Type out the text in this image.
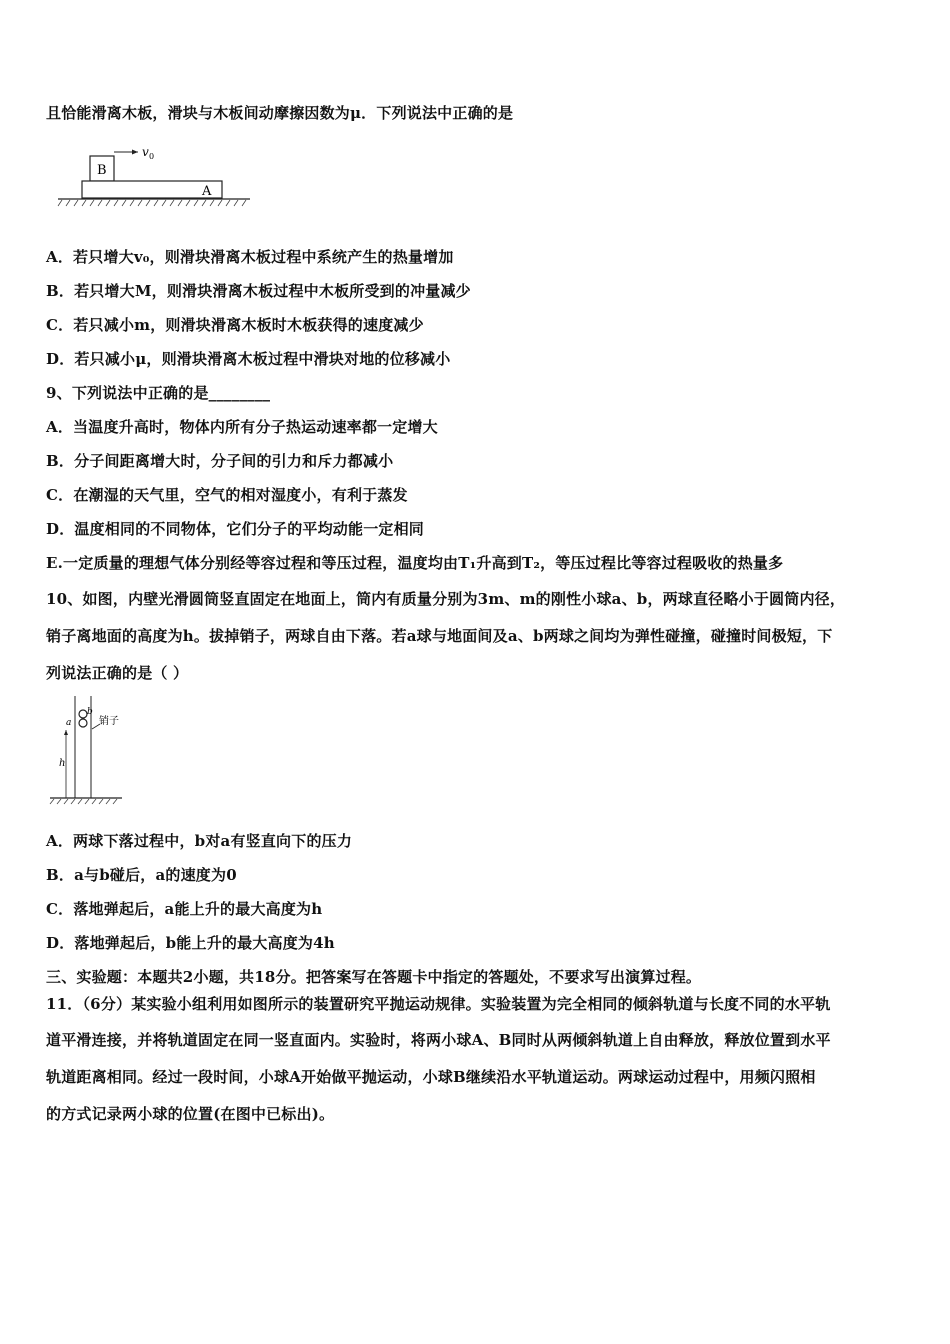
且恰能滑离木板，滑块与木板间动摩擦因数为μ．下列说法中正确的是
v 0
B
A
A．若只增大v₀，则滑块滑离木板过程中系统产生的热量增加
B．若只增大M，则滑块滑离木板过程中木板所受到的冲量减少
C．若只减小m，则滑块滑离木板时木板获得的速度减少
D．若只减小μ，则滑块滑离木板过程中滑块对地的位移减小
9、下列说法中正确的是________
A．当温度升高时，物体内所有分子热运动速率都一定增大
B．分子间距离增大时，分子间的引力和斥力都减小
C．在潮湿的天气里，空气的相对湿度小，有利于蒸发
D．温度相同的不同物体，它们分子的平均动能一定相同
E.一定质量的理想气体分别经等容过程和等压过程，温度均由T₁升高到T₂，等压过程比等容过程吸收的热量多
10、如图，内壁光滑圆筒竖直固定在地面上，筒内有质量分别为3m、m的刚性小球a、b，两球直径略小于圆筒内径，
销子离地面的高度为h。拔掉销子，两球自由下落。若a球与地面间及a、b两球之间均为弹性碰撞，碰撞时间极短，下
列说法正确的是（ ）
b
a	销子
h
A．两球下落过程中，b对a有竖直向下的压力
B．a与b碰后，a的速度为0
C．落地弹起后，a能上升的最大高度为h
D．落地弹起后，b能上升的最大高度为4h
三、实验题：本题共2小题，共18分。把答案写在答题卡中指定的答题处，不要求写出演算过程。
11．（6分）某实验小组利用如图所示的装置研究平抛运动规律。实验装置为完全相同的倾斜轨道与长度不同的水平轨
道平滑连接，并将轨道固定在同一竖直面内。实验时，将两小球A、B同时从两倾斜轨道上自由释放，释放位置到水平
轨道距离相同。经过一段时间，小球A开始做平抛运动，小球B继续沿水平轨道运动。两球运动过程中，用频闪照相
的方式记录两小球的位置(在图中已标出)。
